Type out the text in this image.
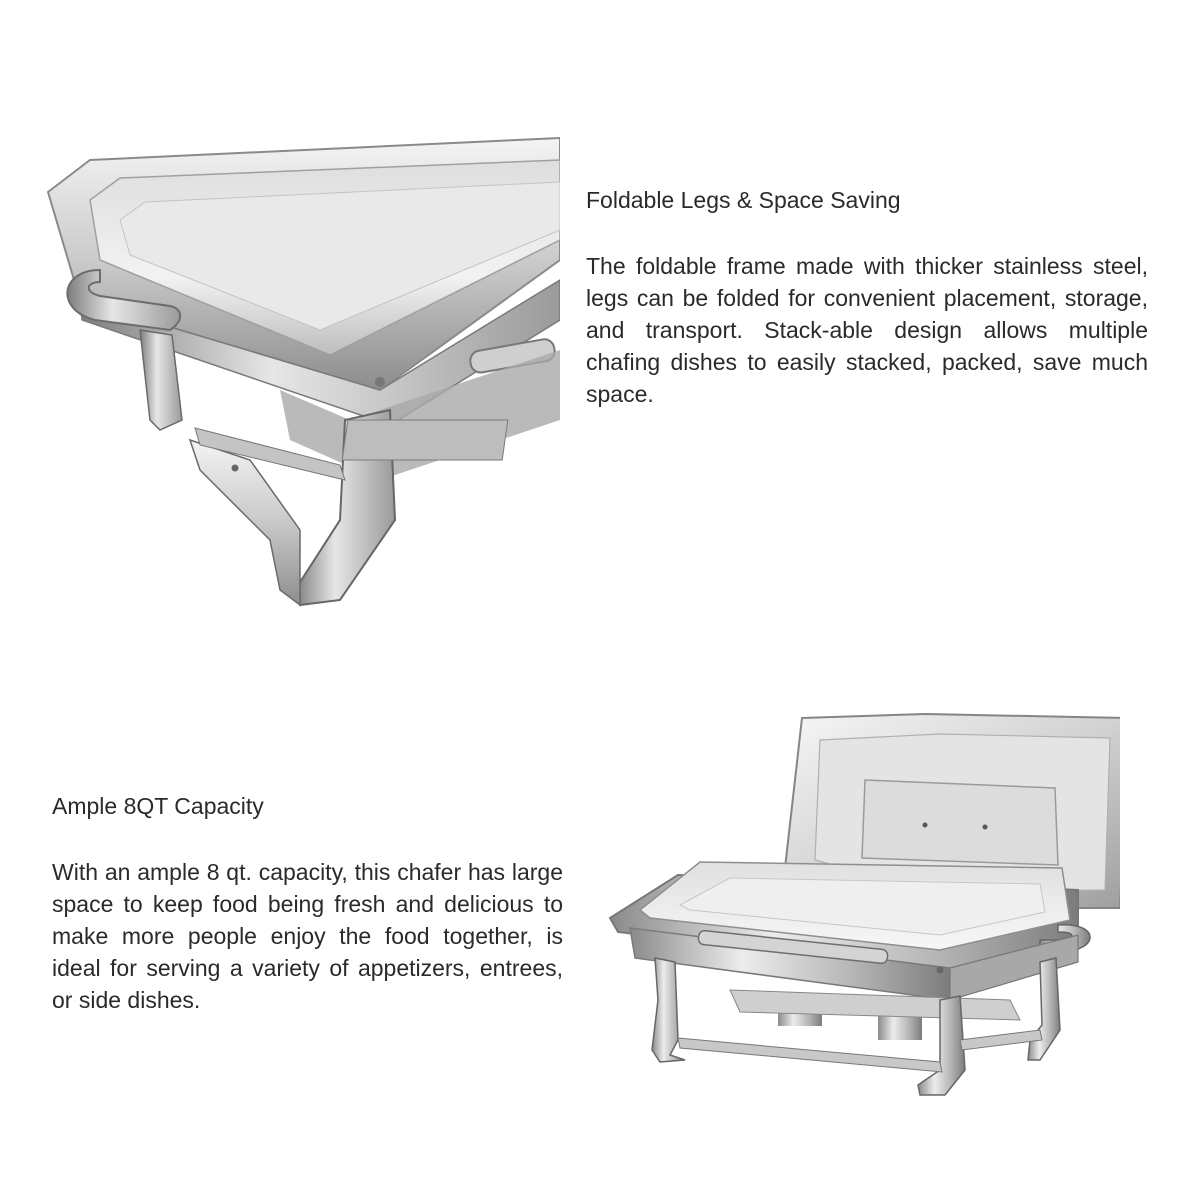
Foldable Legs & Space Saving

The foldable frame made with thicker stainless steel, legs can be folded for convenient placement, storage, and transport. Stack-able design allows multiple chafing dishes to easily stacked, packed, save much space.

Ample 8QT Capacity

With an ample 8 qt. capacity, this chafer has large space to keep food being fresh and delicious to make more people enjoy the food together, is ideal for serving a variety of appetizers, entrees, or side dishes.
